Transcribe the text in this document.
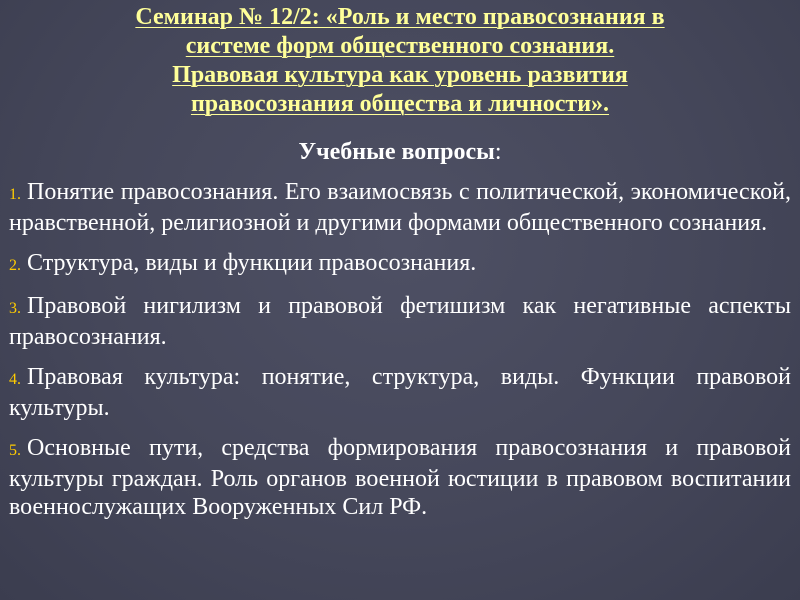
Семинар № 12/2: «Роль и место правосознания в
системе форм общественного сознания.
Правовая культура как уровень развития
правосознания общества и личности».
Учебные вопросы:
1. Понятие правосознания. Его взаимосвязь с политической, экономической, нравственной, религиозной и другими формами общественного сознания.
2. Структура, виды и функции правосознания.
3. Правовой нигилизм и правовой фетишизм как негативные аспекты правосознания.
4. Правовая культура: понятие, структура, виды. Функции правовой культуры.
5. Основные пути, средства формирования правосознания и правовой культуры граждан. Роль органов военной юстиции в правовом воспитании военнослужащих Вооруженных Сил РФ.
